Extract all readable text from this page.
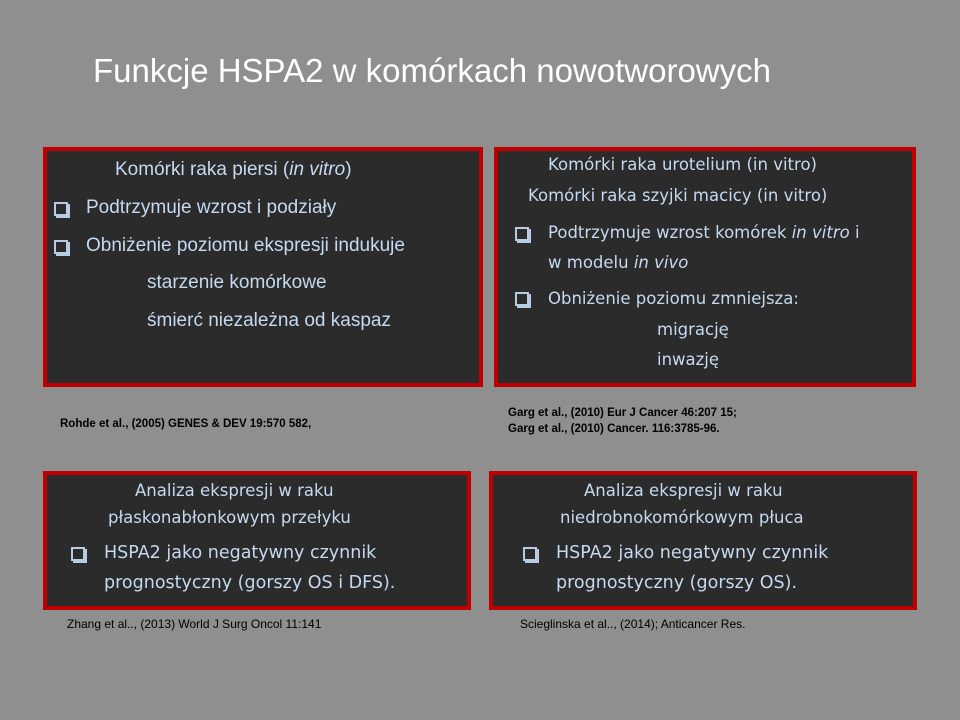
Funkcje HSPA2 w komórkach nowotworowych
Komórki raka piersi (in vitro)
Podtrzymuje wzrost i podziały
Obniżenie poziomu ekspresji indukuje
starzenie komórkowe
śmierć niezależna od kaspaz
Komórki raka urotelium (in vitro)
Komórki raka szyjki macicy (in vitro)
Podtrzymuje wzrost komórek in vitro i
w modelu in vivo
Obniżenie poziomu zmniejsza:
migrację
inwazję
Analiza ekspresji w raku
płaskonabłonkowym przełyku
HSPA2 jako negatywny czynnik
prognostyczny (gorszy OS i DFS).
Analiza ekspresji w raku
niedrobnokomórkowym płuca
HSPA2 jako negatywny czynnik
prognostyczny (gorszy OS).
Rohde et al., (2005) GENES & DEV 19:570 582,
Garg et al., (2010) Eur J Cancer 46:207 15;
Garg et al., (2010) Cancer. 116:3785-96.
Zhang et al.., (2013) World J Surg Oncol 11:141	Scieglinska et al.., (2014); Anticancer Res.
